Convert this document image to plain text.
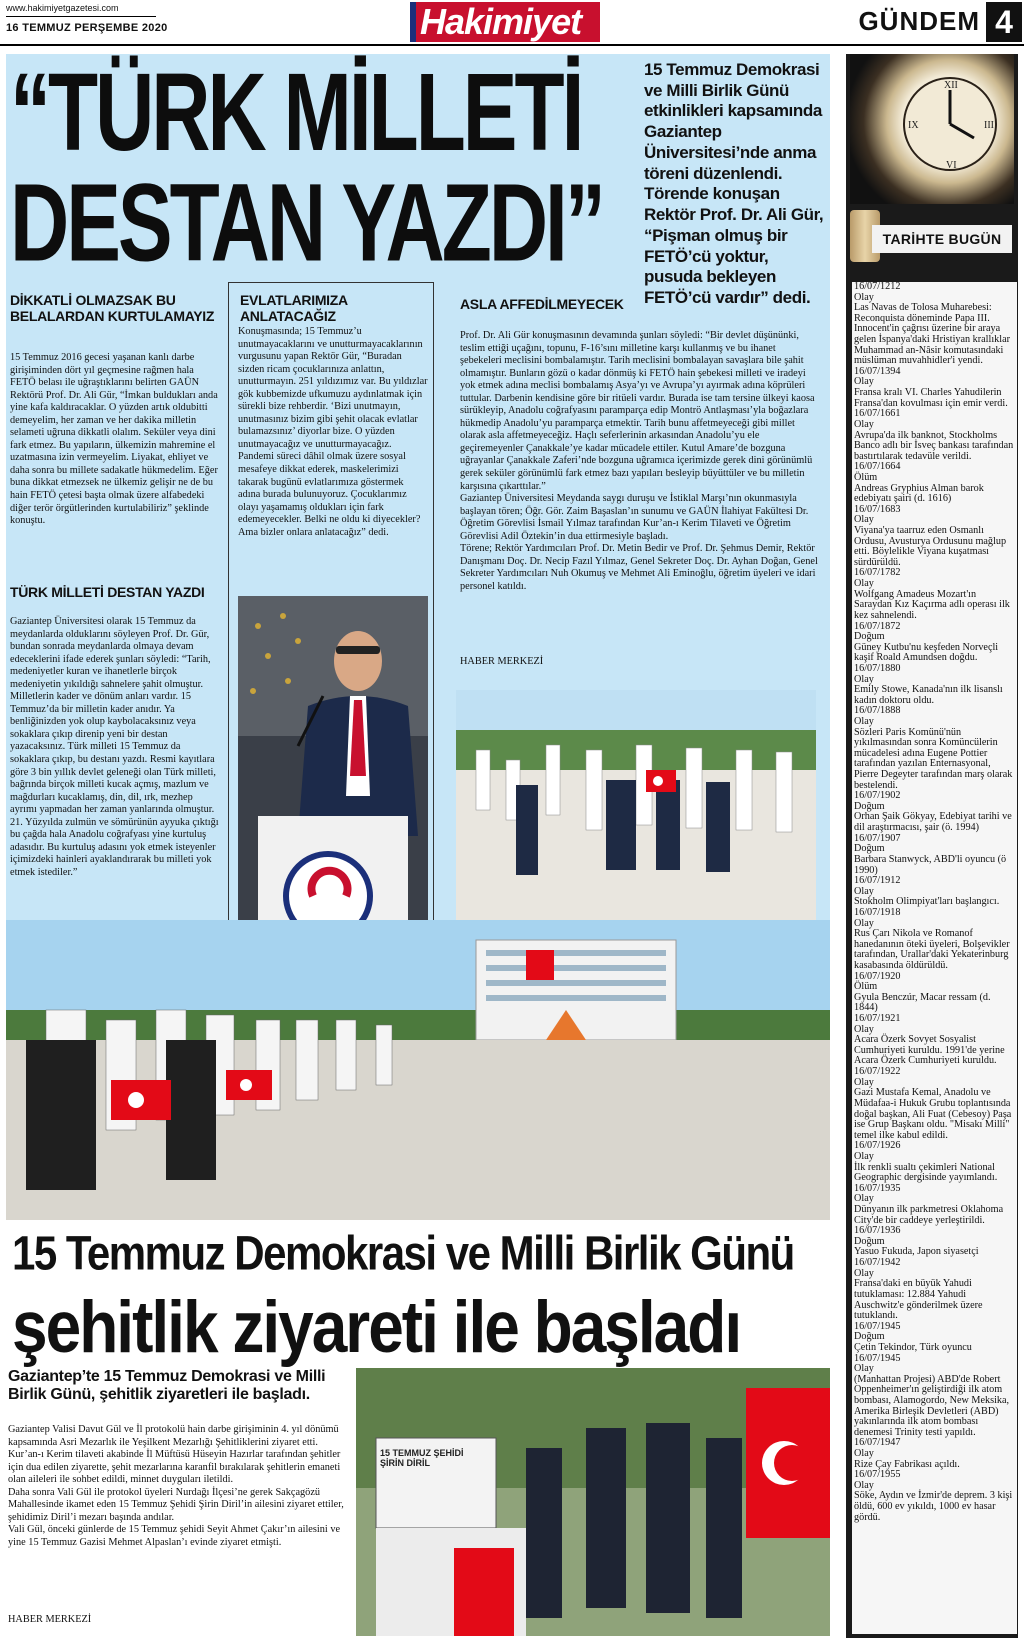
www.hakimiyetgazetesi.com
16 TEMMUZ PERŞEMBE 2020	Hakimiyet	GÜNDEM 4
“TÜRK MİLLETİ DESTAN YAZDI”
15 Temmuz Demokrasi ve Milli Birlik Günü etkinlikleri kapsamında Gaziantep Üniversitesi’nde anma töreni düzenlendi. Törende konuşan Rektör Prof. Dr. Ali Gür, “Pişman olmuş bir FETÖ’cü yoktur, pusuda bekleyen FETÖ’cü vardır” dedi.
DİKKATLİ OLMAZSAK BU BELALARDAN KURTULAMAYIZ
15 Temmuz 2016 gecesi yaşanan kanlı darbe girişiminden dört yıl geçmesine rağmen hala FETÖ belası ile uğraştıklarını belirten GAÜN Rektörü Prof. Dr. Ali Gür, “İmkan buldukları anda yine kafa kaldıracaklar. O yüzden artık oldubitti demeyelim, her zaman ve her dakika milletin selameti uğruna dikkatli olalım. Seküler veya dini fark etmez. Bu yapıların, ülkemizin mahremine el uzatmasına izin vermeyelim. Liyakat, ehliyet ve daha sonra bu millete sadakatle hükmedelim. Eğer buna dikkat etmezsek ne ülkemiz gelişir ne de bu hain FETÖ çetesi başta olmak üzere alfabedeki diğer terör örgütlerinden kurtulabiliriz” şeklinde konuştu.
TÜRK MİLLETİ DESTAN YAZDI
Gaziantep Üniversitesi olarak 15 Temmuz da meydanlarda olduklarını söyleyen Prof. Dr. Gür, bundan sonrada meydanlarda olmaya devam edeceklerini ifade ederek şunları söyledi: “Tarih, medeniyetler kuran ve ihanetlerle birçok medeniyetin yıkıldığı sahnelere şahit olmuştur. Milletlerin kader ve dönüm anları vardır. 15 Temmuz’da bir milletin kader anıdır. Ya benliğinizden yok olup kaybolacaksınız veya sokaklara çıkıp direnip yeni bir destan yazacaksınız. Türk milleti 15 Temmuz da sokaklara çıkıp, bu destanı yazdı. Resmi kayıtlara göre 3 bin yıllık devlet geleneği olan Türk milleti, bağrında birçok milleti kucak açmış, mazlum ve mağdurları kucaklamış, din, dil, ırk, mezhep ayrımı yapmadan her zaman yanlarında olmuştur. 21. Yüzyılda zulmün ve sömürünün ayyuka çıktığı bu çağda hala Anadolu coğrafyası yine kurtuluş adasıdır. Bu kurtuluş adasını yok etmek isteyenler içimizdeki hainleri ayaklandırarak bu milleti yok etmek istediler.”
EVLATLARIMIZA ANLATACAĞIZ
Konuşmasında; 15 Temmuz’u unutmayacaklarını ve unutturmayacaklarının vurgusunu yapan Rektör Gür, “Buradan sizden ricam çocuklarınıza anlattın, unutturmayın. 251 yıldızımız var. Bu yıldızlar gök kubbemizde ufkumuzu aydınlatmak için sürekli bize rehberdir. ‘Bizi unutmayın, unutmasınız bizim gibi şehit olacak evlatlar bulamazsınız’ diyorlar bize. O yüzden unutmayacağız ve unutturmayacağız. Pandemi süreci dâhil olmak üzere sosyal mesafeye dikkat ederek, maskelerimizi takarak bugünü evlatlarımıza göstermek adına burada bulunuyoruz. Çocuklarımız olayı yaşamamış oldukları için fark edemeyecekler. Belki ne oldu ki diyecekler? Ama bizler onlara anlatacağız” dedi.
ASLA AFFEDİLMEYECEK
Prof. Dr. Ali Gür konuşmasının devamında şunları söyledi: “Bir devlet düşününki, teslim ettiği uçağını, topunu, F-16’sını milletine karşı kullanmış ve bu ihanet şebekeleri meclisini bombalamıştır. Tarih meclisini bombalayan savaşlara bile şahit olmamıştır. Bunların gözü o kadar dönmüş ki FETÖ hain şebekesi milleti ve iradeyi yok etmek adına meclisi bombalamış Asya’yı ve Avrupa’yı ayırmak adına köprüleri tuttular. Darbenin kendisine göre bir ritüeli vardır. Burada ise tam tersine ülkeyi kaosa sürükleyip, Anadolu coğrafyasını paramparça edip Montrö Antlaşması’yla boğazlara hükmedip Anadolu’yu paramparça etmektir. Tarih bunu affetmeyeceği gibi millet olarak asla affetmeyeceğiz. Haçlı seferlerinin arkasından Anadolu’yu ele geçiremeyenler Çanakkale’ye kadar mücadele ettiler. Kutul Amare’de bozguna uğrayanlar Çanakkale Zaferi’nde bozguna uğramıca içerimizde gerek dini görünümlü gerek seküler görünümlü fark etmez bazı yapıları besleyip büyüttüler ve bu milletin karşısına çıkarttılar.”
Gaziantep Üniversitesi Meydanda saygı duruşu ve İstiklal Marşı’nın okunmasıyla başlayan tören; Öğr. Gör. Zaim Başaslan’ın sunumu ve GAÜN İlahiyat Fakültesi Dr. Öğretim Görevlisi İsmail Yılmaz tarafından Kur’an-ı Kerim Tilaveti ve Öğretim Görevlisi Adil Öztekin’in dua ettirmesiyle başladı.
Törene; Rektör Yardımcıları Prof. Dr. Metin Bedir ve Prof. Dr. Şehmus Demir, Rektör Danışmanı Doç. Dr. Necip Fazıl Yılmaz, Genel Sekreter Doç. Dr. Ayhan Doğan, Genel Sekreter Yardımcıları Nuh Okumuş ve Mehmet Ali Eminoğlu, öğretim üyeleri ve idari personel katıldı.
HABER MERKEZİ
XII
III
VI
IX
TARİHTE BUGÜN
16/07/1212
Olay
Las Navas de Tolosa Muharebesi: Reconquista döneminde Papa III. Innocent'in çağrısı üzerine bir araya gelen İspanya'daki Hristiyan krallıklar Muhammad an-Nâsir komutasındaki müslüman muvahhidler'i yendi.
16/07/1394
Olay
Fransa kralı VI. Charles Yahudilerin Fransa'dan kovulması için emir verdi.
16/07/1661
Olay
Avrupa'da ilk banknot, Stockholms Banco adlı bir İsveç bankası tarafından bastırtılarak tedavüle verildi.
16/07/1664
Ölüm
Andreas Gryphius Alman barok edebiyatı şairi (d. 1616)
16/07/1683
Olay
Viyana'ya taarruz eden Osmanlı Ordusu, Avusturya Ordusunu mağlup etti. Böylelikle Viyana kuşatması sürdürüldü.
16/07/1782
Olay
Wolfgang Amadeus Mozart'ın Saraydan Kız Kaçırma adlı operası ilk kez sahnelendi.
16/07/1872
Doğum
Güney Kutbu'nu keşfeden Norveçli kaşif Roald Amundsen doğdu.
16/07/1880
Olay
Emily Stowe, Kanada'nın ilk lisanslı kadın doktoru oldu.
16/07/1888
Olay
Sözleri Paris Komünü'nün yıkılmasından sonra Komüncülerin mücadelesi adına Eugene Pottier tarafından yazılan Enternasyonal, Pierre Degeyter tarafından marş olarak bestelendi.
16/07/1902
Doğum
Orhan Şaik Gökyay, Edebiyat tarihi ve dil araştırmacısı, şair (ö. 1994)
16/07/1907
Doğum
Barbara Stanwyck, ABD'li oyuncu (ö 1990)
16/07/1912
Olay
Stokholm Olimpiyat'ları başlangıcı.
16/07/1918
Olay
Rus Çarı Nikola ve Romanof hanedanının öteki üyeleri, Bolşevikler tarafından, Urallar'daki Yekaterinburg kasabasında öldürüldü.
16/07/1920
Ölüm
Gyula Benczúr, Macar ressam (d. 1844)
16/07/1921
Olay
Acara Özerk Sovyet Sosyalist Cumhuriyeti kuruldu. 1991'de yerine Acara Özerk Cumhuriyeti kuruldu.
16/07/1922
Olay
Gazi Mustafa Kemal, Anadolu ve Müdafaa-i Hukuk Grubu toplantısında doğal başkan, Ali Fuat (Cebesoy) Paşa ise Grup Başkanı oldu. "Misakı Milli" temel ilke kabul edildi.
16/07/1926
Olay
İlk renkli sualtı çekimleri National Geographic dergisinde yayımlandı.
16/07/1935
Olay
Dünyanın ilk parkmetresi Oklahoma City'de bir caddeye yerleştirildi.
16/07/1936
Doğum
Yasuo Fukuda, Japon siyasetçi
16/07/1942
Olay
Fransa'daki en büyük Yahudi tutuklaması: 12.884 Yahudi Auschwitz'e gönderilmek üzere tutuklandı.
16/07/1945
Doğum
Çetin Tekindor, Türk oyuncu
16/07/1945
Olay
(Manhattan Projesi) ABD'de Robert Oppenheimer'ın geliştirdiği ilk atom bombası, Alamogordo, New Meksika, Amerika Birleşik Devletleri (ABD) yakınlarında ilk atom bombası denemesi Trinity testi yapıldı.
16/07/1947
Olay
Rize Çay Fabrikası açıldı.
16/07/1955
Olay
Söke, Aydın ve İzmir'de deprem. 3 kişi öldü, 600 ev yıkıldı, 1000 ev hasar gördü.
15 Temmuz Demokrasi ve Milli Birlik Günü
şehitlik ziyareti ile başladı
Gaziantep’te 15 Temmuz Demokrasi ve Milli Birlik Günü, şehitlik ziyaretleri ile başladı.
Gaziantep Valisi Davut Gül ve İl protokolü hain darbe girişiminin 4. yıl dönümü kapsamında Asri Mezarlık ile Yeşilkent Mezarlığı Şehitliklerini ziyaret etti.
Kur’an-ı Kerim tilaveti akabinde İl Müftüsü Hüseyin Hazırlar tarafından şehitler için dua edilen ziyarette, şehit mezarlarına karanfil bırakılarak şehitlerin emaneti olan aileleri ile sohbet edildi, minnet duyguları iletildi.
Daha sonra Vali Gül ile protokol üyeleri Nurdağı İlçesi’ne gerek Sakçagözü Mahallesinde ikamet eden 15 Temmuz Şehidi Şirin Diril’in ailesini ziyaret ettiler, şehidimiz Diril’i mezarı başında andılar.
Vali Gül, önceki günlerde de 15 Temmuz şehidi Seyit Ahmet Çakır’ın ailesini ve yine 15 Temmuz Gazisi Mehmet Alpaslan’ı evinde ziyaret etmişti.
HABER MERKEZİ
15 TEMMUZ ŞEHİDİ ŞİRİN DİRİL
